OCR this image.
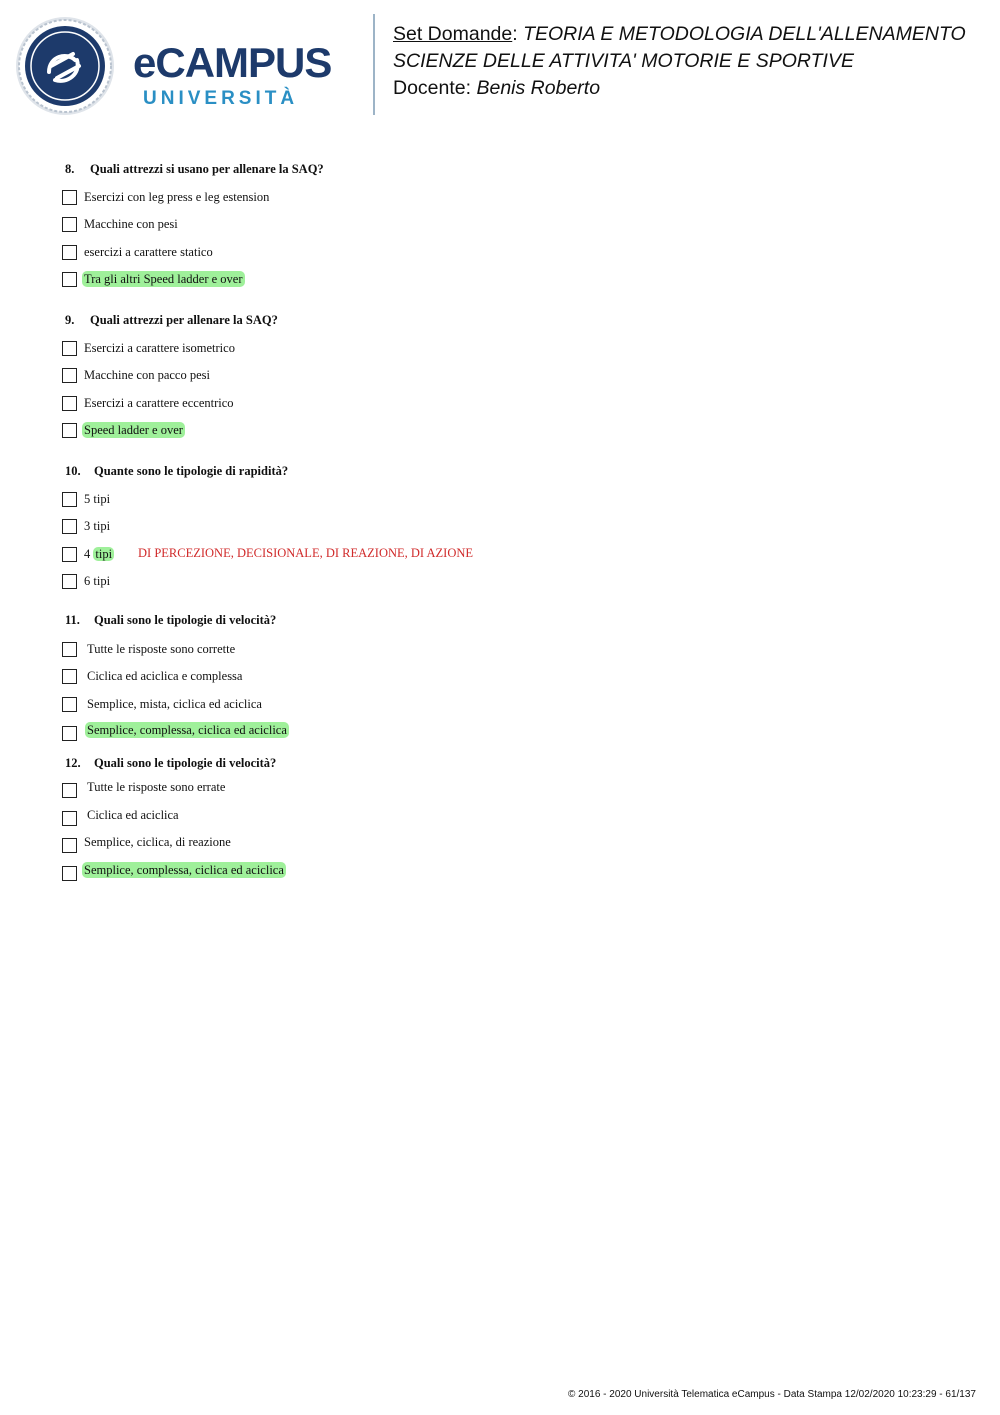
eCAMPUS
UNIVERSITÀ
Set Domande: TEORIA E METODOLOGIA DELL'ALLENAMENTO
SCIENZE DELLE ATTIVITA' MOTORIE E SPORTIVE
Docente: Benis Roberto
8. Quali attrezzi si usano per allenare la SAQ?
Esercizi con leg press e leg estension
Macchine con pesi
esercizi a carattere statico
Tra gli altri Speed ladder e over
9. Quali attrezzi per allenare la SAQ?
Esercizi a carattere isometrico
Macchine con pacco pesi
Esercizi a carattere eccentrico
Speed ladder e over
10. Quante sono le tipologie di rapidità?
5 tipi
3 tipi
4 tipi	DI PERCEZIONE, DECISIONALE, DI REAZIONE, DI AZIONE
6 tipi
11. Quali sono le tipologie di velocità?
Tutte le risposte sono corrette
Ciclica ed aciclica e complessa
Semplice, mista, ciclica ed aciclica
Semplice, complessa, ciclica ed aciclica
12. Quali sono le tipologie di velocità?
Tutte le risposte sono errate
Ciclica ed aciclica
Semplice, ciclica, di reazione
Semplice, complessa, ciclica ed aciclica
© 2016 - 2020 Università Telematica eCampus - Data Stampa 12/02/2020 10:23:29 - 61/137
